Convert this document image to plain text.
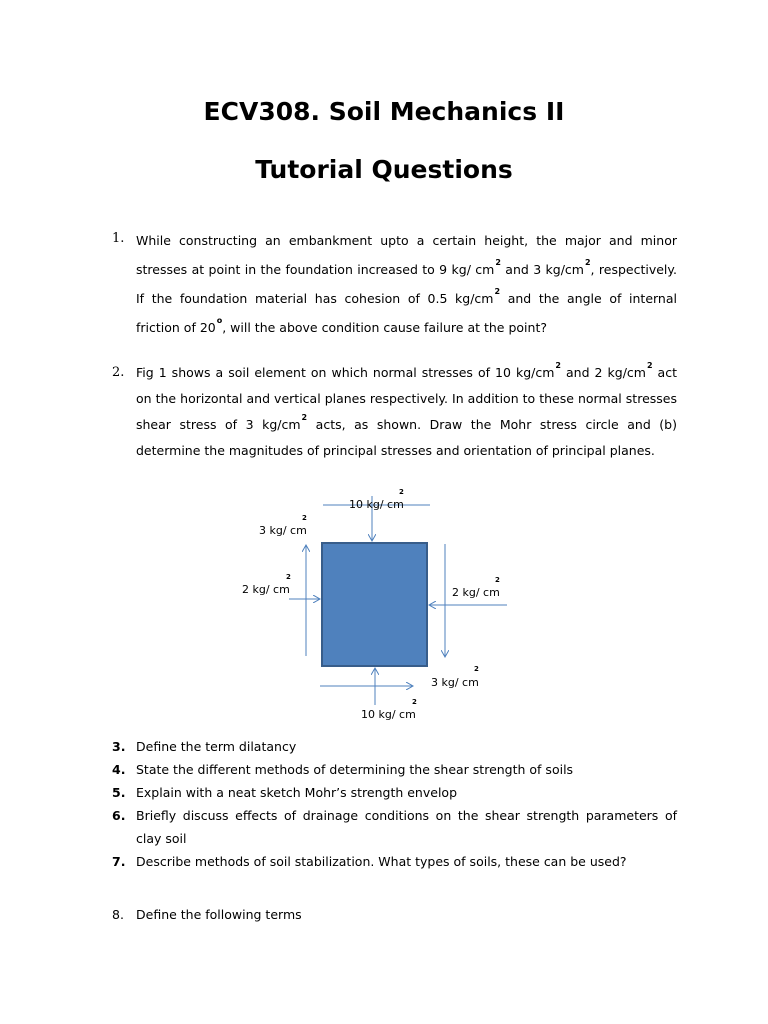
ECV308. Soil Mechanics II
Tutorial Questions
1. While constructing an embankment upto a certain height, the major and minor stresses at point in the foundation increased to 9 kg/ $cm^2$ and 3 $kg/cm^2$, respectively. If the foundation material has cohesion of 0.5 $kg/cm^2$ and the angle of internal friction of 20$^o$, will the above condition cause failure at the point?
2. Fig 1 shows a soil element on which normal stresses of 10 $kg/cm^2$ and 2 $kg/cm^2$ act on the horizontal and vertical planes respectively. In addition to these normal stresses shear stress of 3 $kg/cm^2$ acts, as shown. Draw the Mohr stress circle and (b) determine the magnitudes of principal stresses and orientation of principal planes.
10 kg/ cm
2
3 kg/ cm
2
2 kg/ cm
2
2 kg/ cm
2
3 kg/ cm
2
10 kg/ cm
2
3. Define the term dilatancy
4. State the different methods of determining the shear strength of soils
5. Explain with a neat sketch Mohr’s strength envelop
6. Briefly discuss effects of drainage conditions on the shear strength parameters of clay soil
7. Describe methods of soil stabilization. What types of soils, these can be used?
8. Define the following terms
